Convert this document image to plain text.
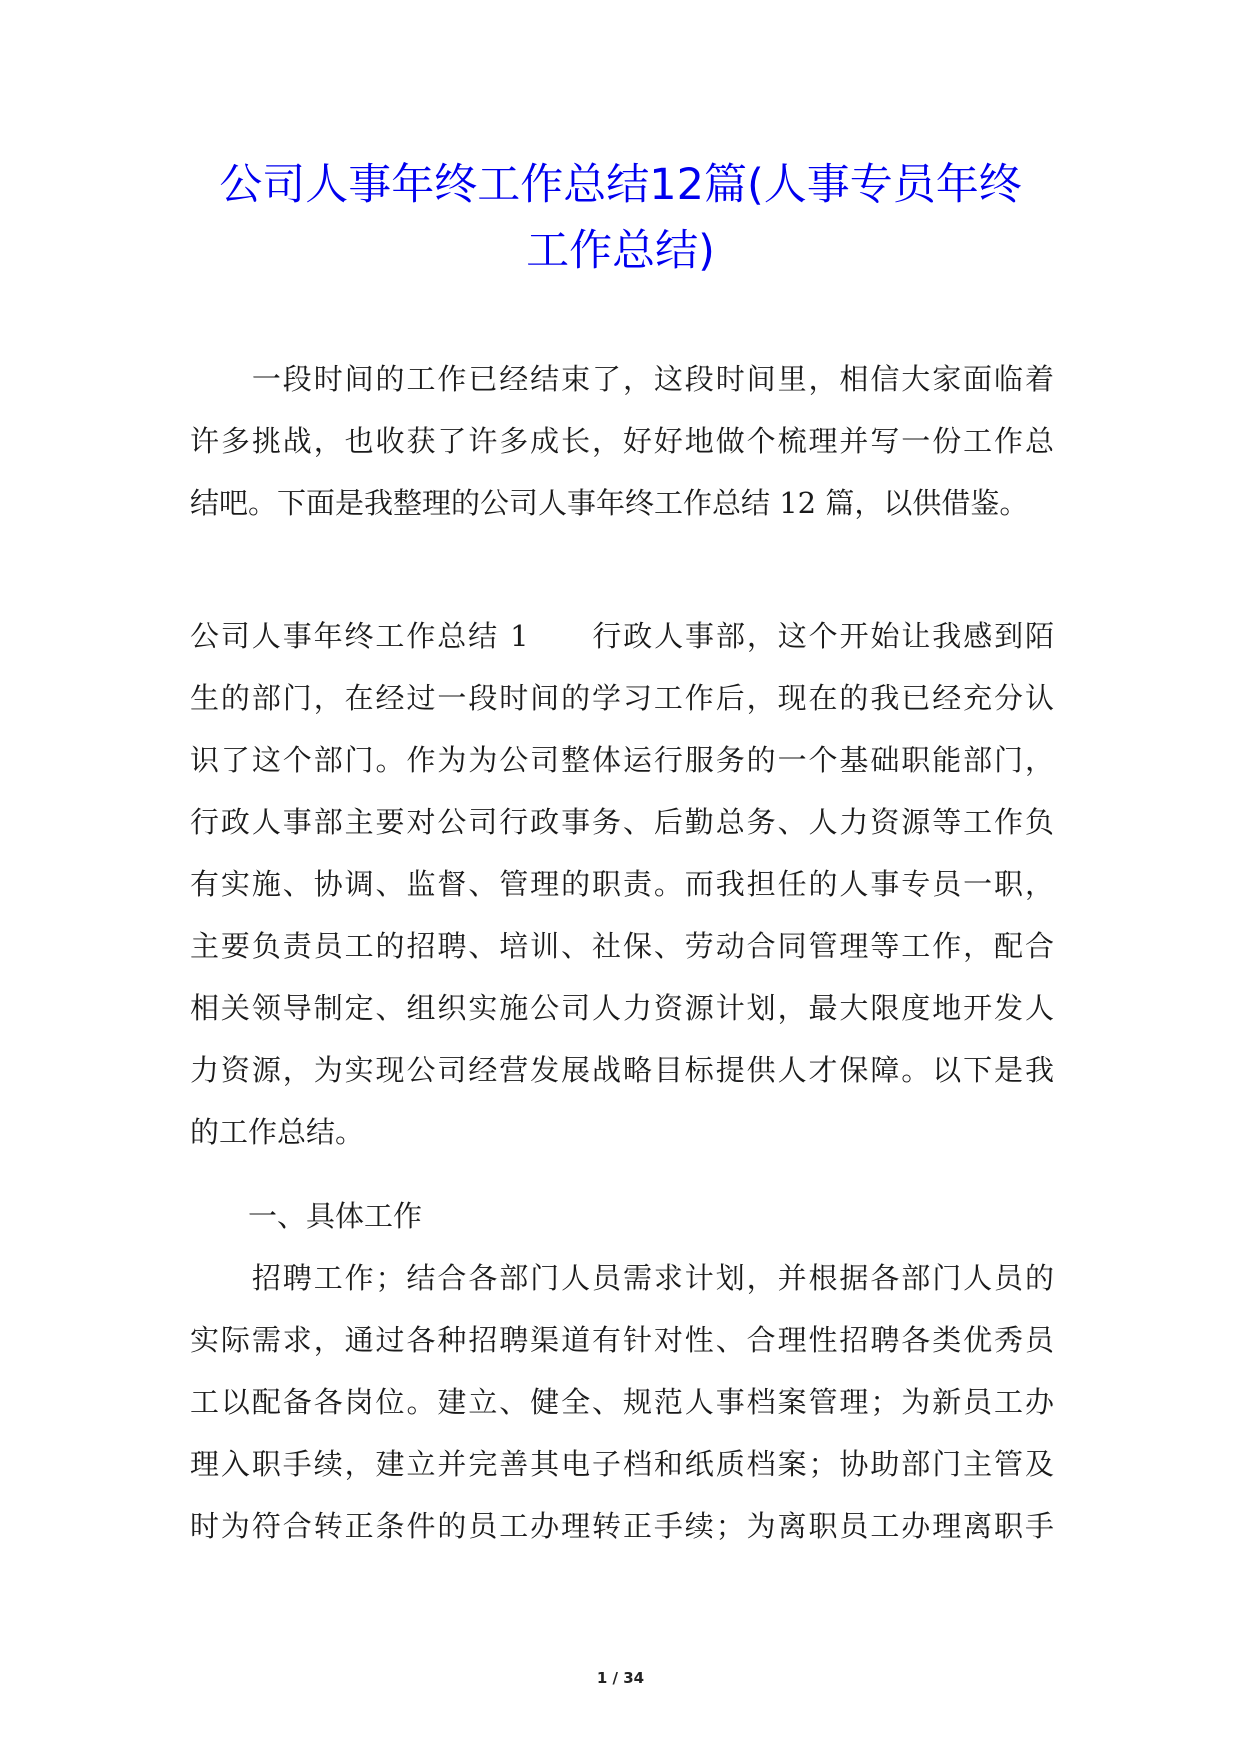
公司人事年终工作总结12篇(人事专员年终
工作总结)

　　一段时间的工作已经结束了，这段时间里，相信大家面临着
许多挑战，也收获了许多成长，好好地做个梳理并写一份工作总
结吧。下面是我整理的公司人事年终工作总结 12 篇，以供借鉴。

公司人事年终工作总结 1　　行政人事部，这个开始让我感到陌
生的部门，在经过一段时间的学习工作后，现在的我已经充分认
识了这个部门。作为为公司整体运行服务的一个基础职能部门，
行政人事部主要对公司行政事务、后勤总务、人力资源等工作负
有实施、协调、监督、管理的职责。而我担任的人事专员一职，
主要负责员工的招聘、培训、社保、劳动合同管理等工作，配合
相关领导制定、组织实施公司人力资源计划，最大限度地开发人
力资源，为实现公司经营发展战略目标提供人才保障。以下是我
的工作总结。

　　一、具体工作

　　招聘工作；结合各部门人员需求计划，并根据各部门人员的
实际需求，通过各种招聘渠道有针对性、合理性招聘各类优秀员
工以配备各岗位。建立、健全、规范人事档案管理；为新员工办
理入职手续，建立并完善其电子档和纸质档案；协助部门主管及
时为符合转正条件的员工办理转正手续；为离职员工办理离职手

1 / 34
